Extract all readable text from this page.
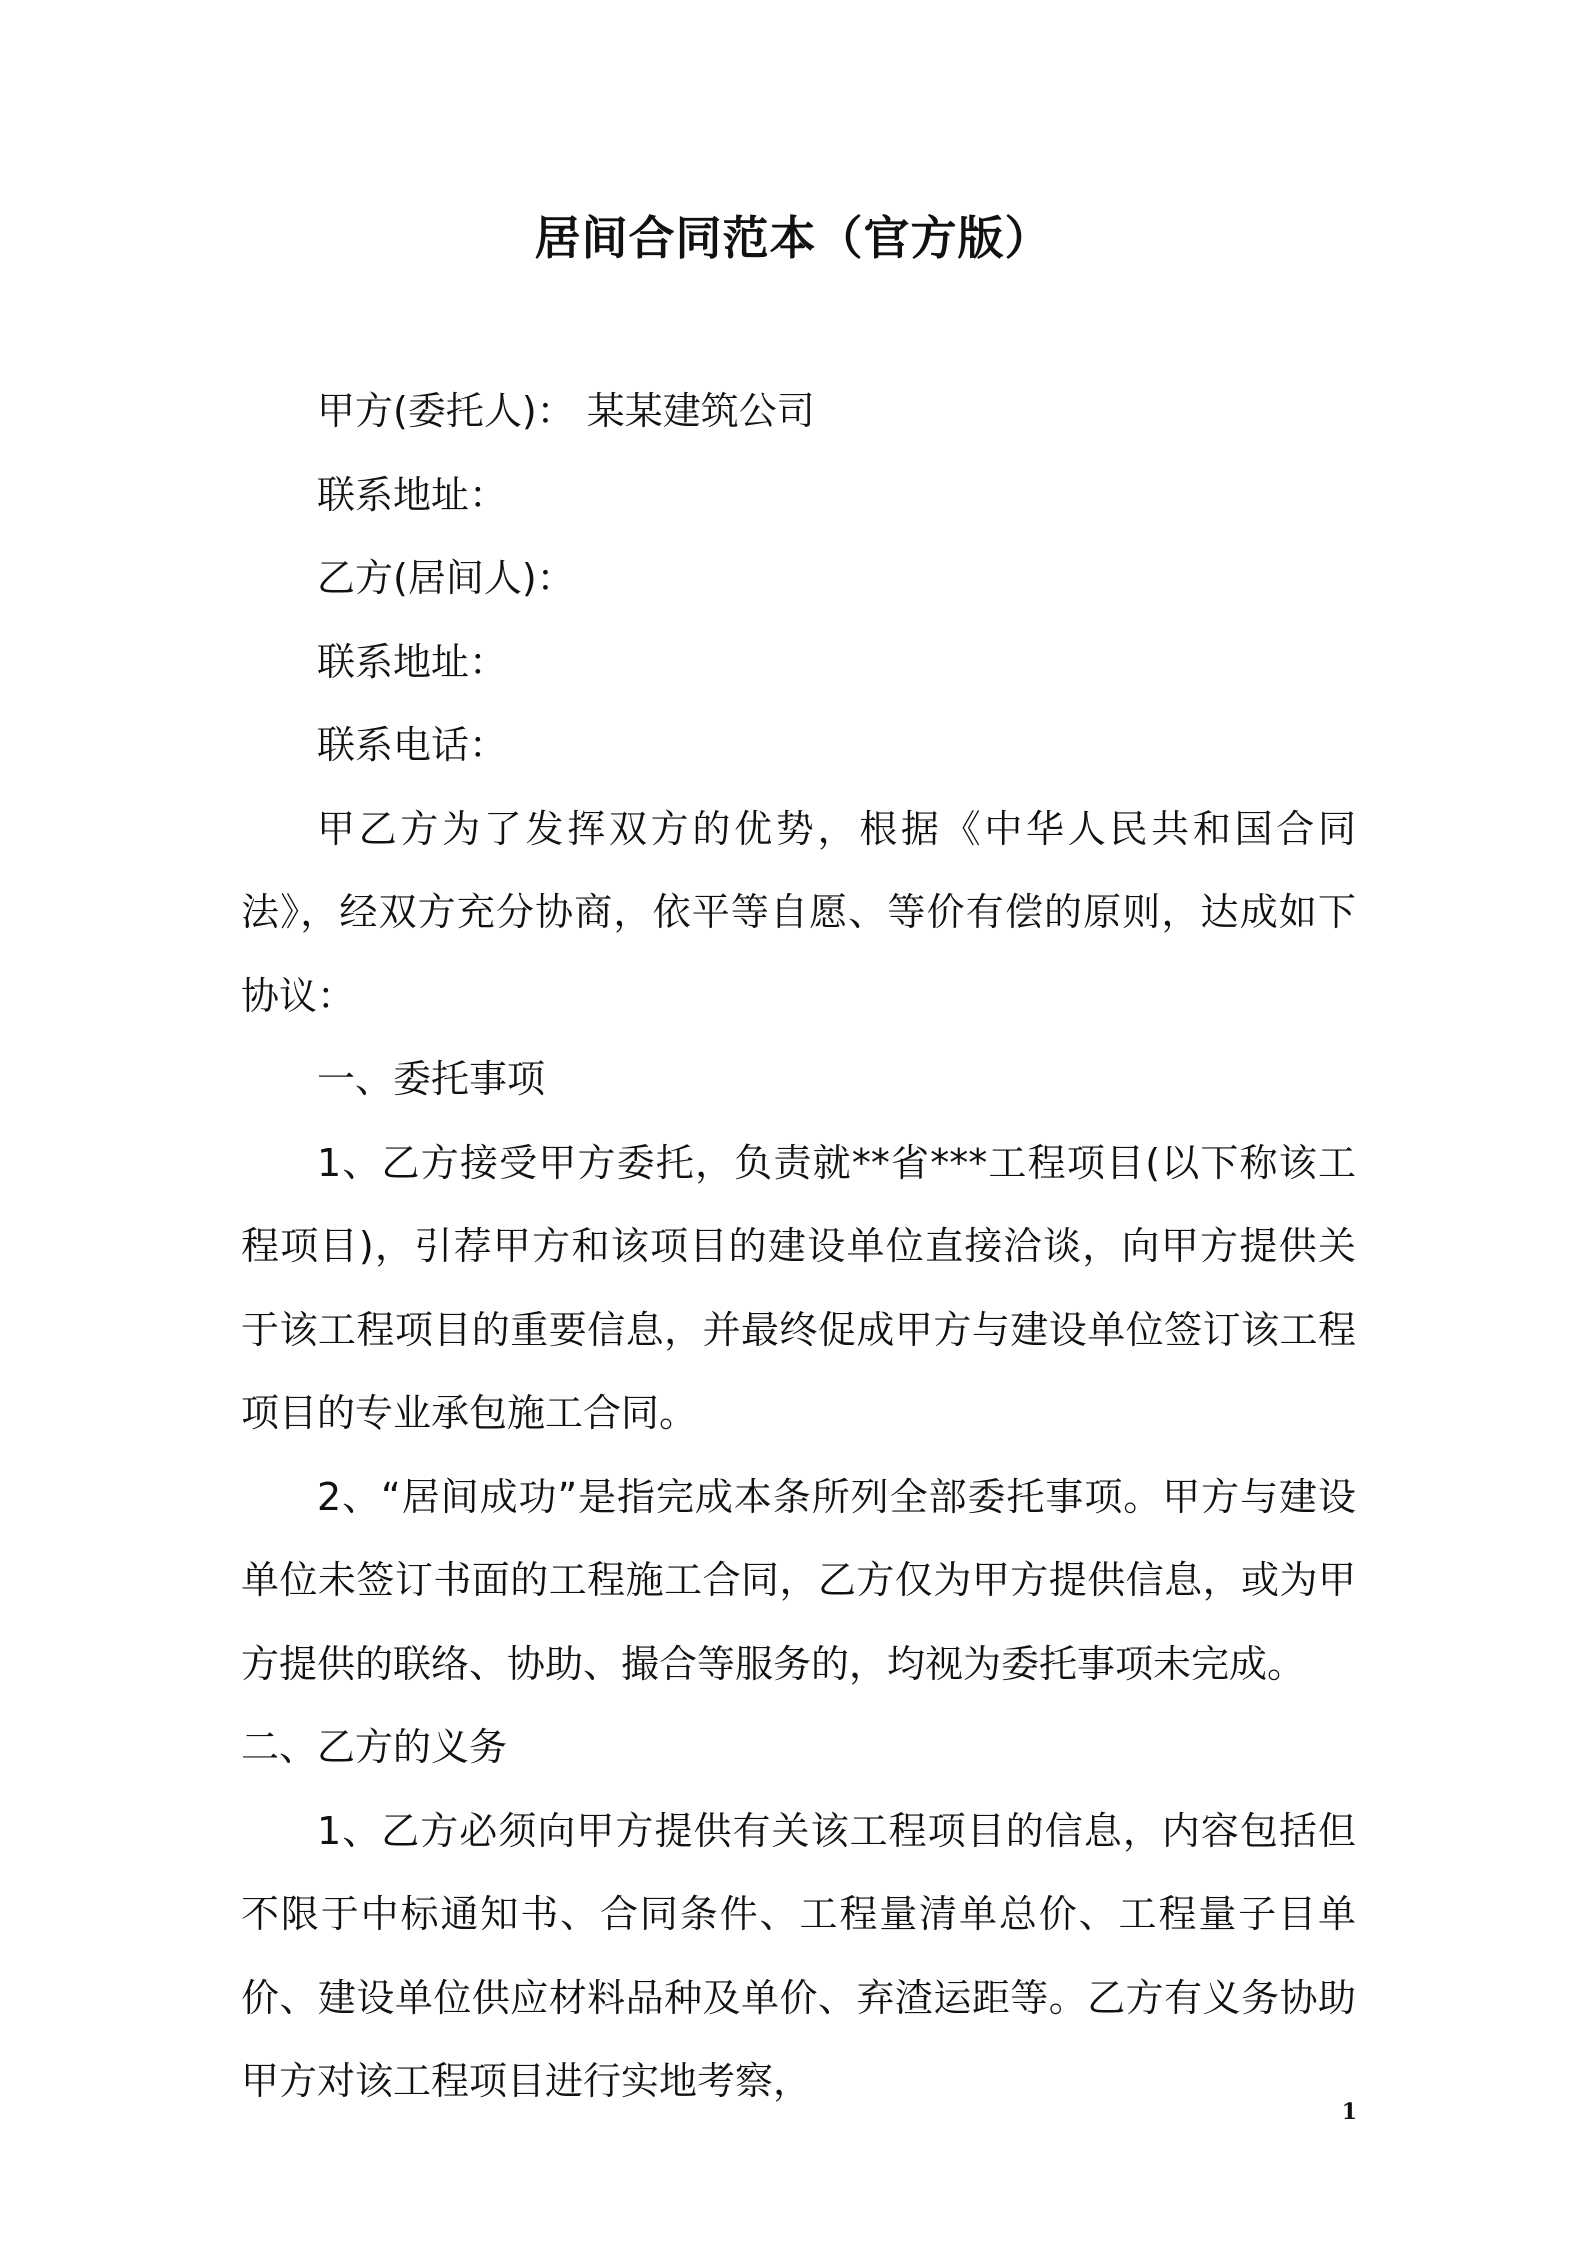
居间合同范本（官方版）

甲方(委托人)： 某某建筑公司

联系地址：

乙方(居间人)：

联系地址：

联系电话：

甲乙方为了发挥双方的优势，根据《中华人民共和国合同法》，经双方充分协商，依平等自愿、等价有偿的原则，达成如下协议：

一、委托事项

1、乙方接受甲方委托，负责就**省***工程项目(以下称该工程项目)，引荐甲方和该项目的建设单位直接洽谈，向甲方提供关于该工程项目的重要信息，并最终促成甲方与建设单位签订该工程项目的专业承包施工合同。

2、“居间成功”是指完成本条所列全部委托事项。甲方与建设单位未签订书面的工程施工合同，乙方仅为甲方提供信息，或为甲方提供的联络、协助、撮合等服务的，均视为委托事项未完成。

二、乙方的义务

1、乙方必须向甲方提供有关该工程项目的信息，内容包括但不限于中标通知书、合同条件、工程量清单总价、工程量子目单价、建设单位供应材料品种及单价、弃渣运距等。乙方有义务协助甲方对该工程项目进行实地考察，

1
